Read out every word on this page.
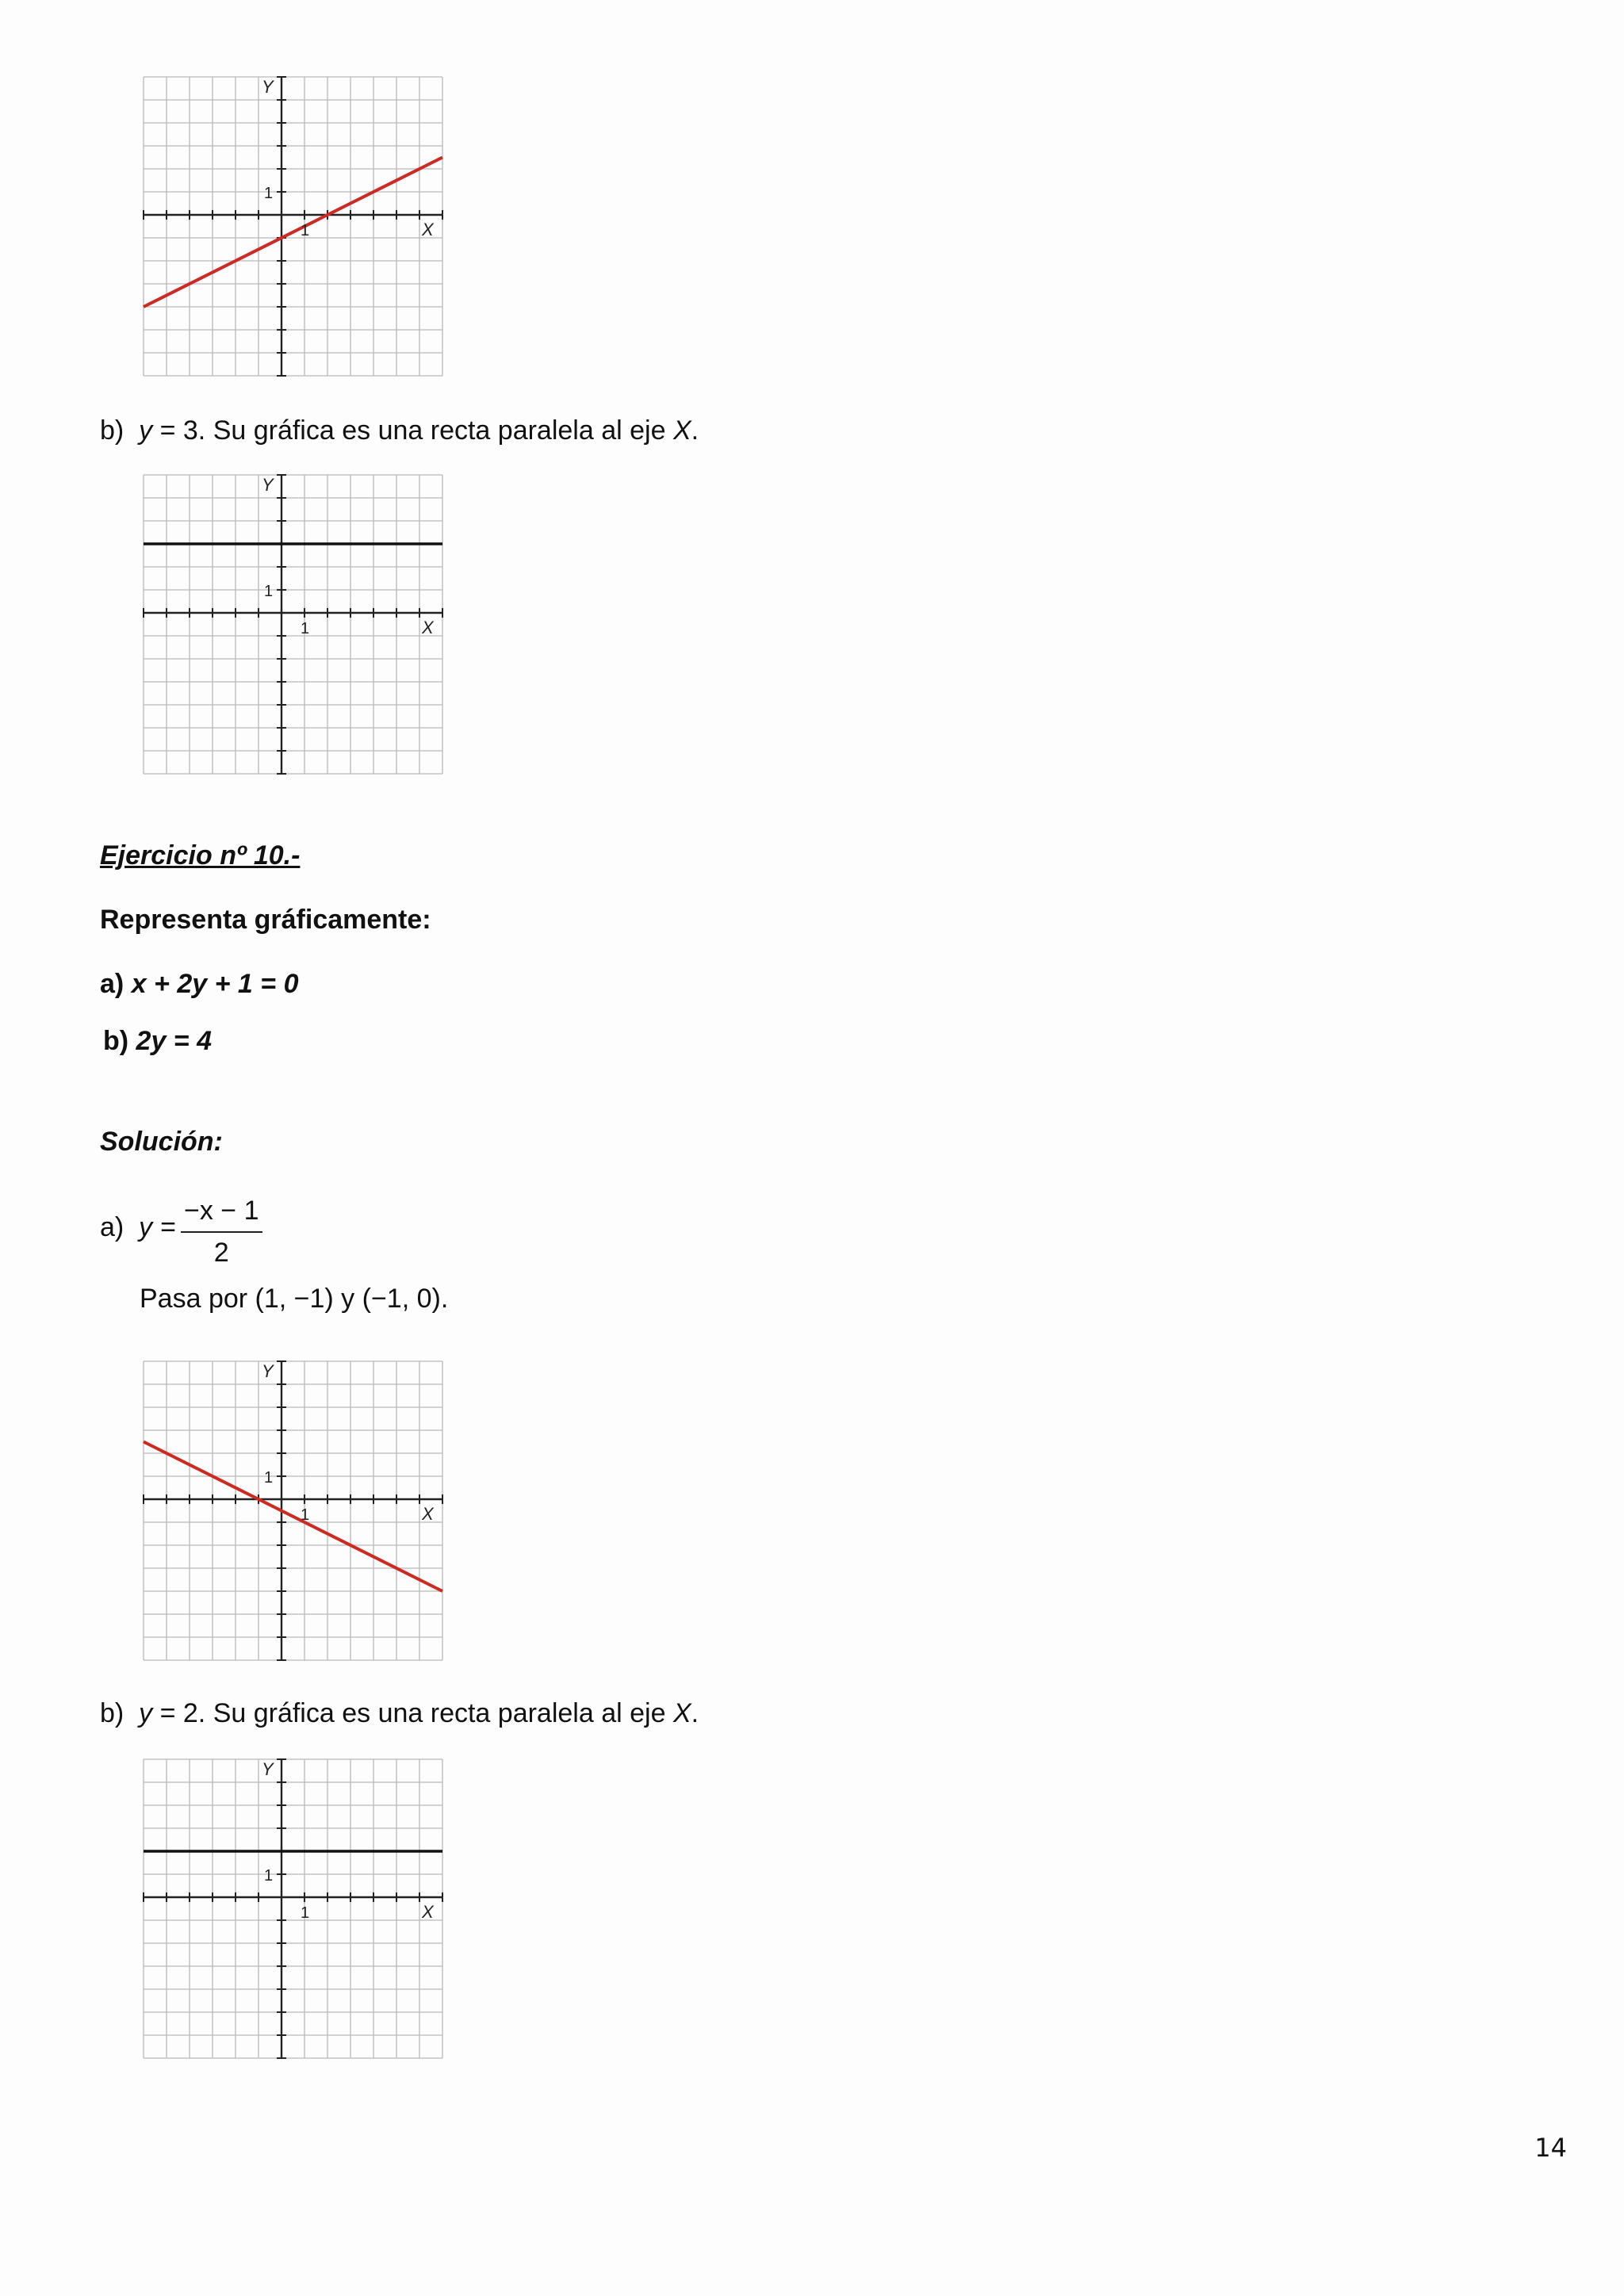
Y
X
1
1
b) y = 3. Su gráfica es una recta paralela al eje X.
Y
X
1
1
Ejercicio nº 10.-
Representa gráficamente:
a) x + 2y + 1 = 0
b) 2y = 4
Solución:
a) $y = \frac{-x - 1}{2}$
Pasa por (1, −1) y (−1, 0).
Y
X
1
1
b) y = 2. Su gráfica es una recta paralela al eje X.
Y
X
1
1
14
